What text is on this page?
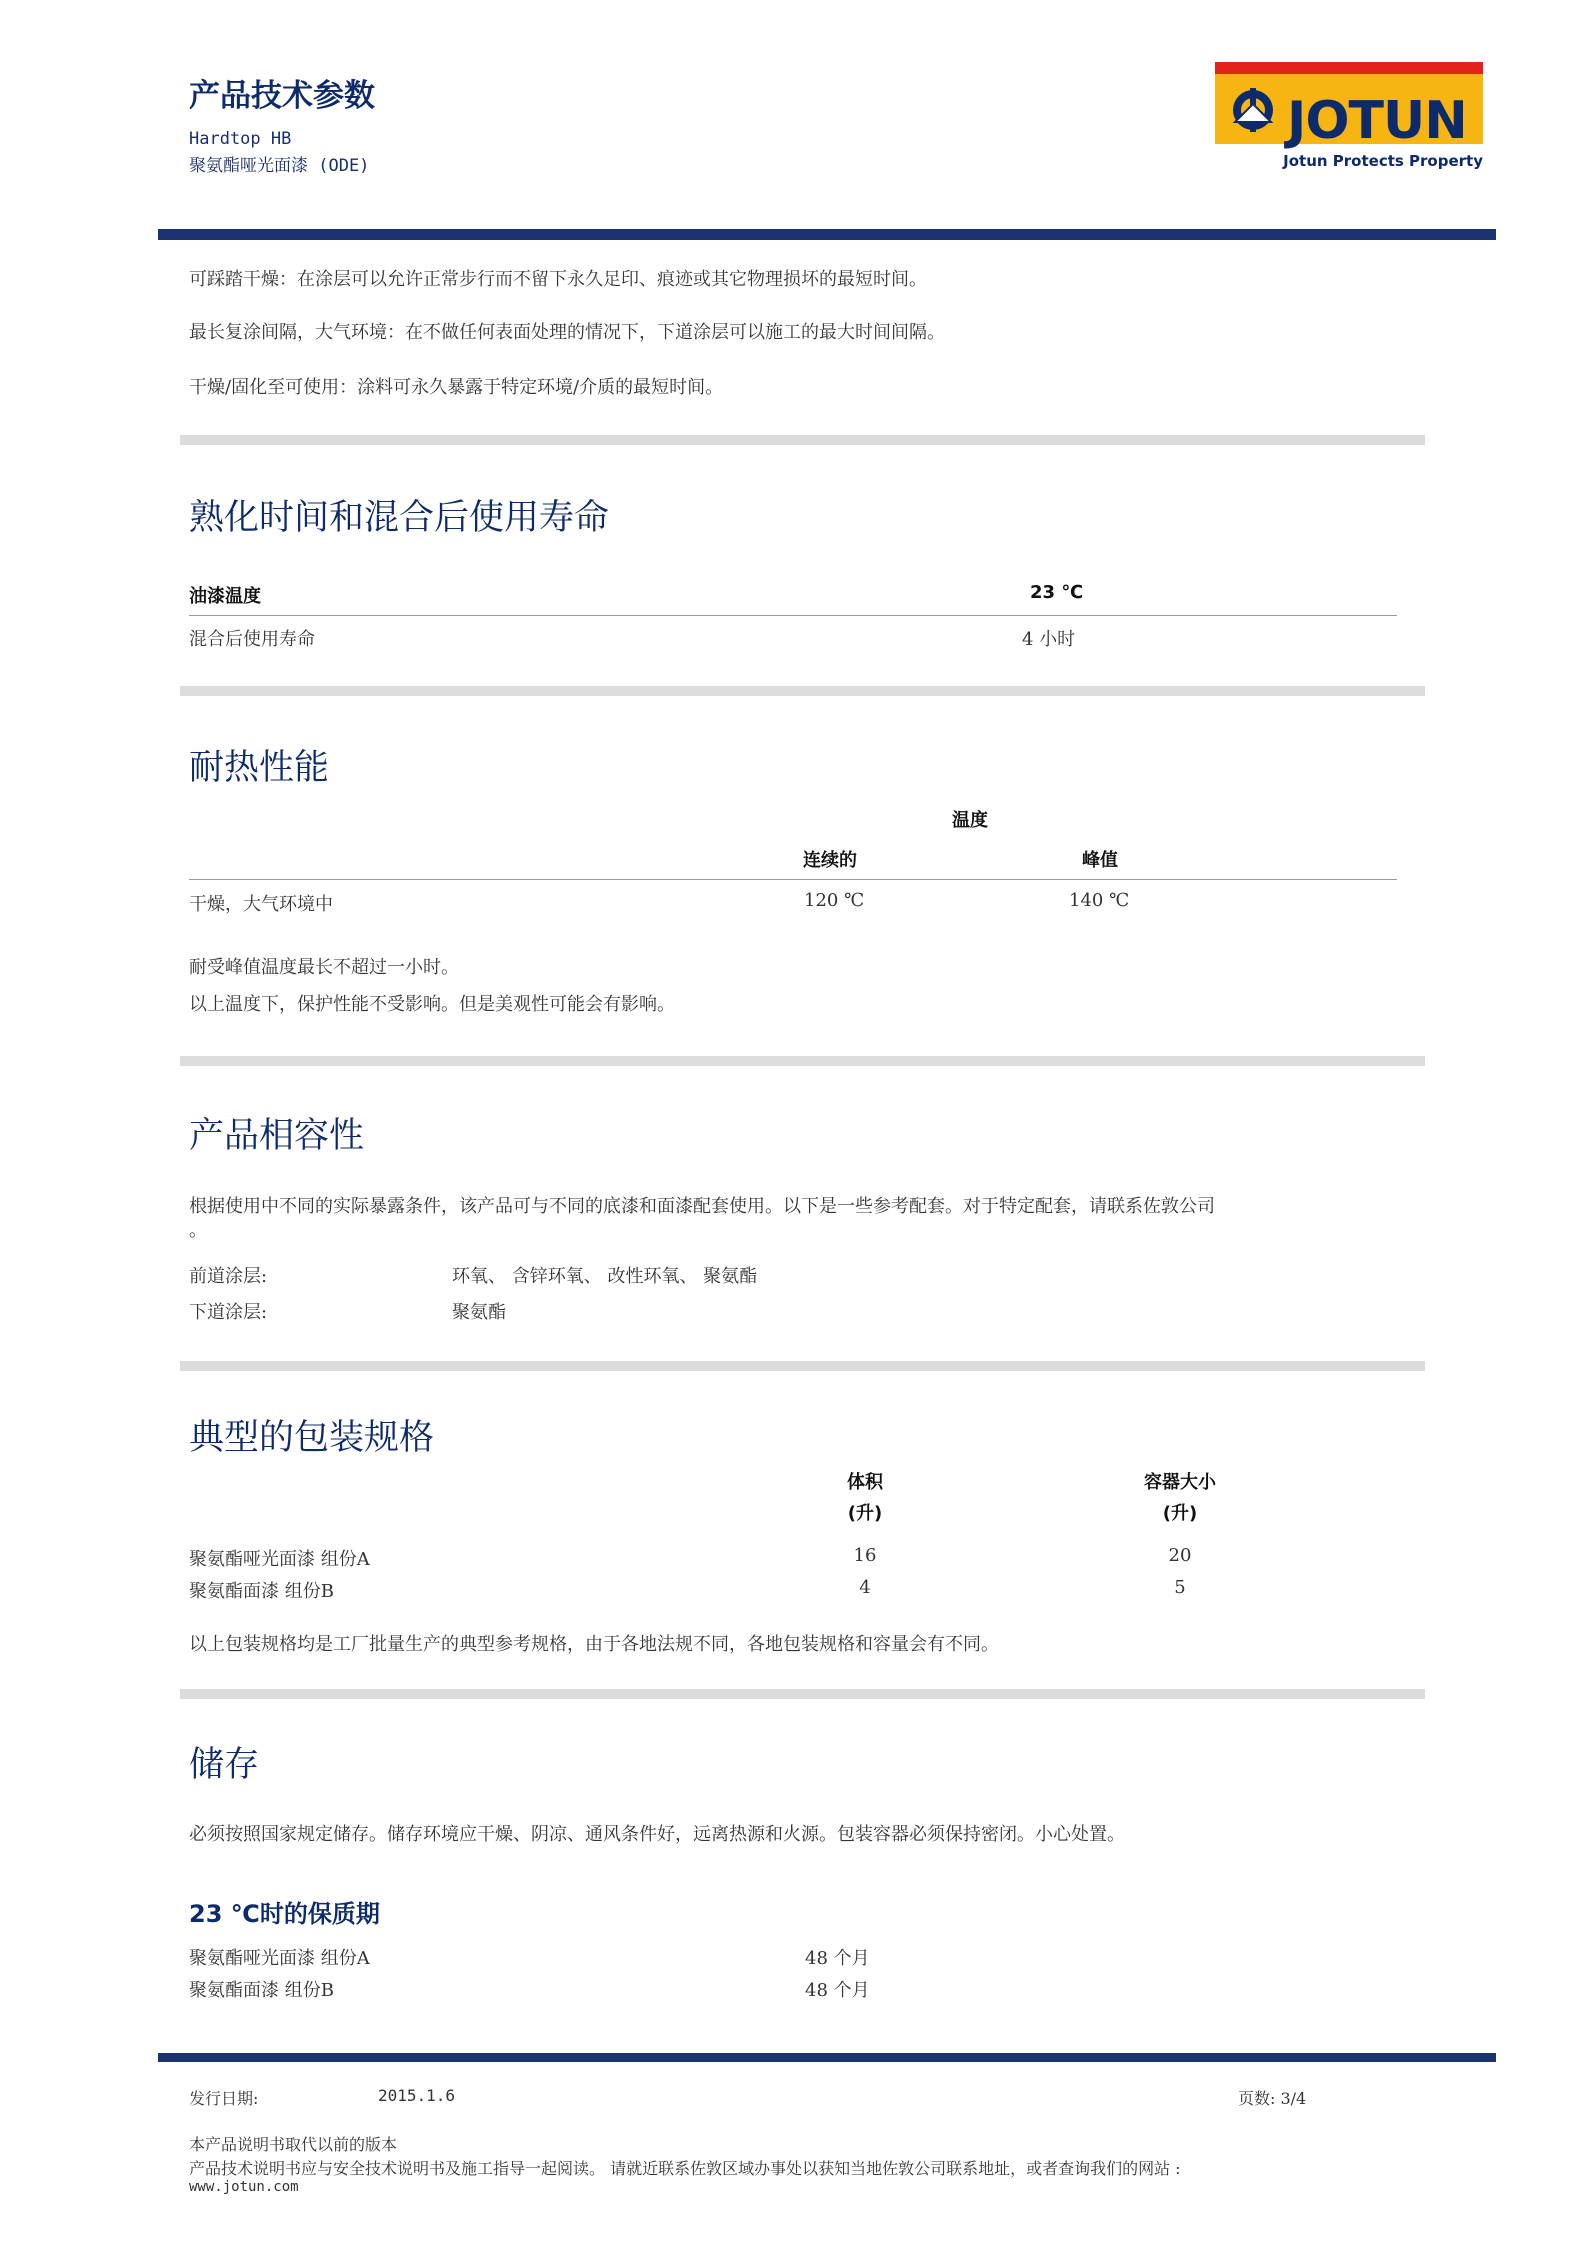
产品技术参数
Hardtop HB
聚氨酯哑光面漆 (ODE)
JOTUN
Jotun Protects Property
可踩踏干燥：在涂层可以允许正常步行而不留下永久足印、痕迹或其它物理损坏的最短时间。
最长复涂间隔，大气环境：在不做任何表面处理的情况下，下道涂层可以施工的最大时间间隔。
干燥/固化至可使用：涂料可永久暴露于特定环境/介质的最短时间。
熟化时间和混合后使用寿命
油漆温度	23 ℃
混合后使用寿命	4 小时
耐热性能
温度
连续的	峰值
干燥，大气环境中	120 ℃	140 ℃
耐受峰值温度最长不超过一小时。
以上温度下，保护性能不受影响。但是美观性可能会有影响。
产品相容性
根据使用中不同的实际暴露条件，该产品可与不同的底漆和面漆配套使用。以下是一些参考配套。对于特定配套，请联系佐敦公司
。
前道涂层:	环氧、 含锌环氧、 改性环氧、 聚氨酯
下道涂层:	聚氨酯
典型的包装规格
体积
(升)
容器大小
(升)
聚氨酯哑光面漆 组份A	16	20
聚氨酯面漆 组份B	4	5
以上包装规格均是工厂批量生产的典型参考规格，由于各地法规不同，各地包装规格和容量会有不同。
储存
必须按照国家规定储存。储存环境应干燥、阴凉、通风条件好，远离热源和火源。包装容器必须保持密闭。小心处置。
23 ℃时的保质期
聚氨酯哑光面漆 组份A	48 个月
聚氨酯面漆 组份B	48 个月
发行日期:	2015.1.6	页数: 3/4
本产品说明书取代以前的版本
产品技术说明书应与安全技术说明书及施工指导一起阅读。 请就近联系佐敦区域办事处以获知当地佐敦公司联系地址，或者查询我们的网站 :
www.jotun.com
